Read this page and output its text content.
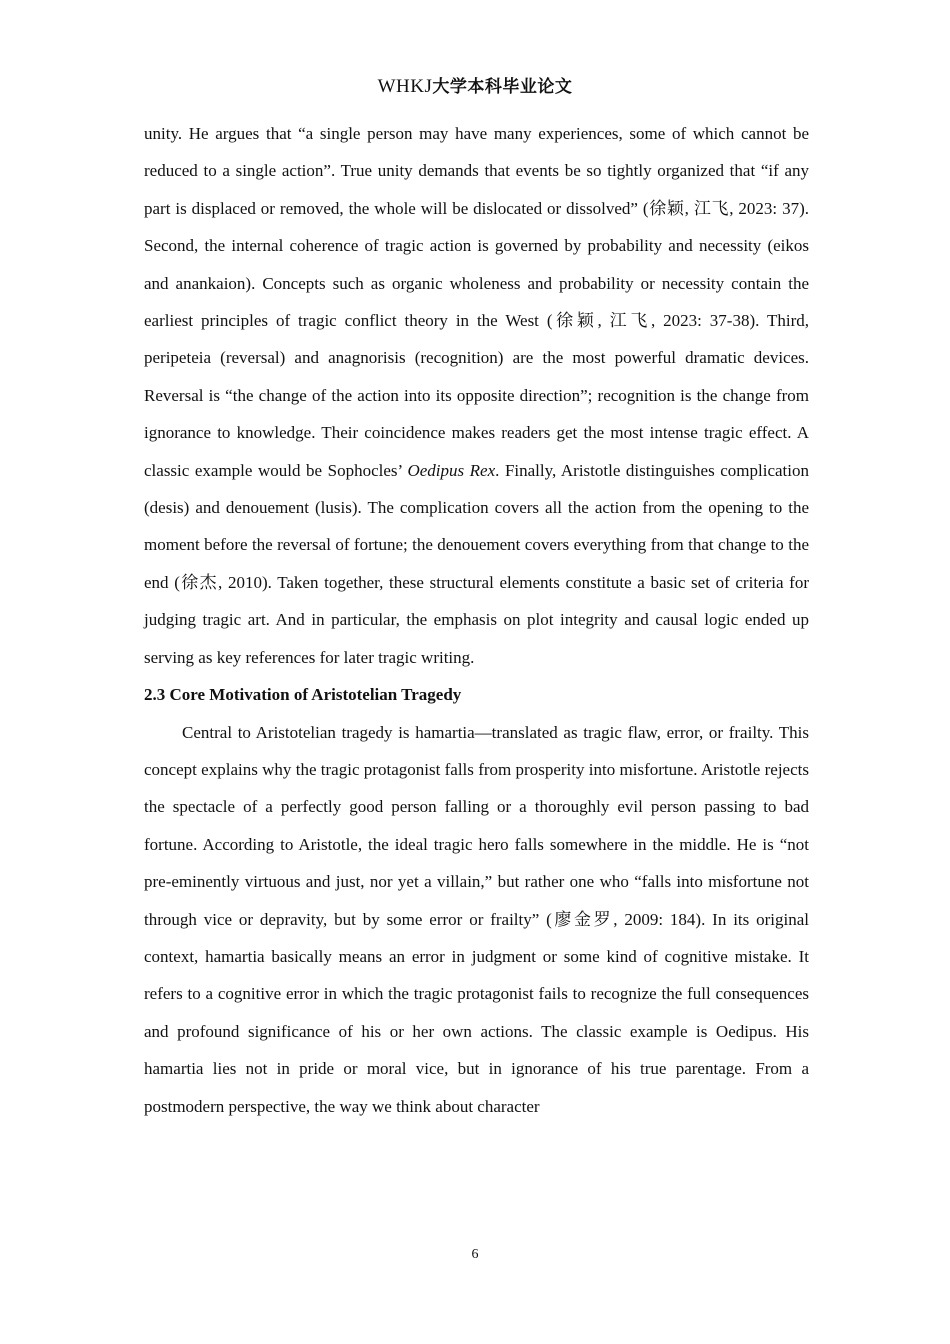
WHKJ大学本科毕业论文

unity. He argues that “a single person may have many experiences, some of which cannot be reduced to a single action”. True unity demands that events be so tightly organized that “if any part is displaced or removed, the whole will be dislocated or dissolved” (徐颖, 江飞, 2023: 37). Second, the internal coherence of tragic action is governed by probability and necessity (eikos and anankaion). Concepts such as organic wholeness and probability or necessity contain the earliest principles of tragic conflict theory in the West (徐颖, 江飞, 2023: 37-38). Third, peripeteia (reversal) and anagnorisis (recognition) are the most powerful dramatic devices. Reversal is “the change of the action into its opposite direction”; recognition is the change from ignorance to knowledge. Their coincidence makes readers get the most intense tragic effect. A classic example would be Sophocles’ Oedipus Rex. Finally, Aristotle distinguishes complication (desis) and denouement (lusis). The complication covers all the action from the opening to the moment before the reversal of fortune; the denouement covers everything from that change to the end (徐杰, 2010). Taken together, these structural elements constitute a basic set of criteria for judging tragic art. And in particular, the emphasis on plot integrity and causal logic ended up serving as key references for later tragic writing.

2.3 Core Motivation of Aristotelian Tragedy

Central to Aristotelian tragedy is hamartia—translated as tragic flaw, error, or frailty. This concept explains why the tragic protagonist falls from prosperity into misfortune. Aristotle rejects the spectacle of a perfectly good person falling or a thoroughly evil person passing to bad fortune. According to Aristotle, the ideal tragic hero falls somewhere in the middle. He is “not pre-eminently virtuous and just, nor yet a villain,” but rather one who “falls into misfortune not through vice or depravity, but by some error or frailty” (廖金罗, 2009: 184). In its original context, hamartia basically means an error in judgment or some kind of cognitive mistake. It refers to a cognitive error in which the tragic protagonist fails to recognize the full consequences and profound significance of his or her own actions. The classic example is Oedipus. His hamartia lies not in pride or moral vice, but in ignorance of his true parentage. From a postmodern perspective, the way we think about character

6
